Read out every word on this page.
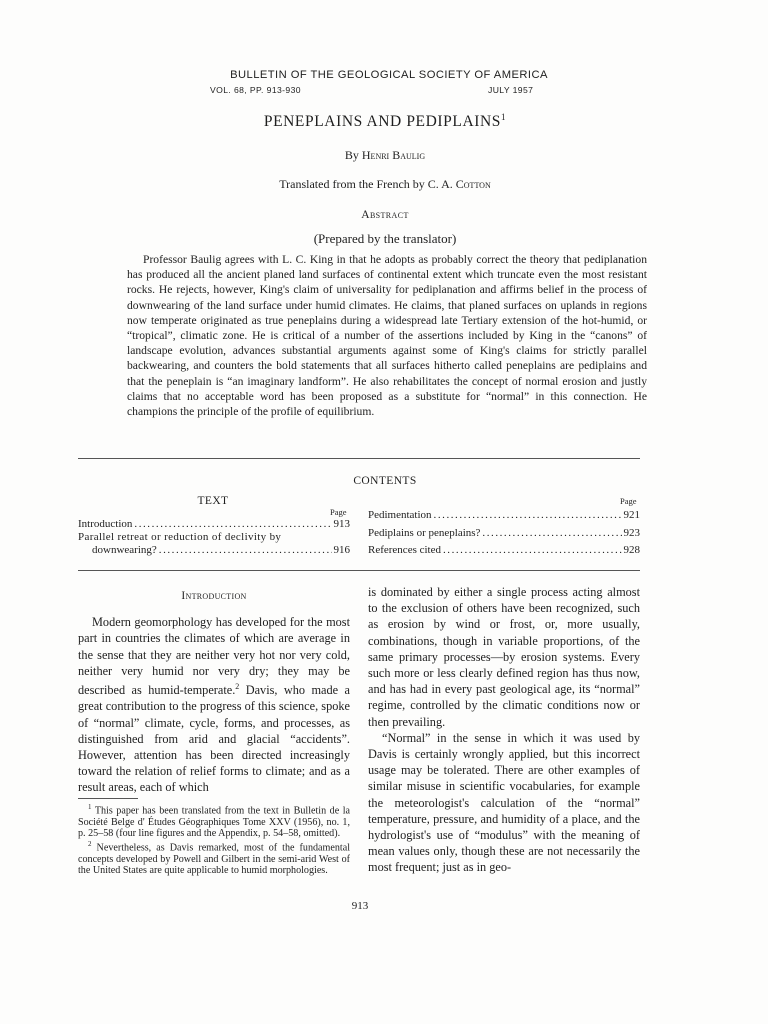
BULLETIN OF THE GEOLOGICAL SOCIETY OF AMERICA
VOL. 68, PP. 913-930	JULY 1957
PENEPLAINS AND PEDIPLAINS$^1$
By Henri Baulig
Translated from the French by C. A. Cotton
Abstract
(Prepared by the translator)

Professor Baulig agrees with L. C. King in that he adopts as probably correct the theory that pediplanation has produced all the ancient planed land surfaces of continental extent which truncate even the most resistant rocks. He rejects, however, King's claim of universality for pediplanation and affirms belief in the process of downwearing of the land surface under humid climates. He claims, that planed surfaces on uplands in regions now temperate originated as true peneplains during a widespread late Tertiary extension of the hot-humid, or “tropical”, climatic zone. He is critical of a number of the assertions included by King in the “canons” of landscape evolution, advances substantial arguments against some of King's claims for strictly parallel backwearing, and counters the bold statements that all surfaces hitherto called peneplains are pediplains and that the peneplain is “an imaginary landform”. He also rehabilitates the concept of normal erosion and justly claims that no acceptable word has been proposed as a substitute for “normal” in this connection. He champions the principle of the profile of equilibrium.

CONTENTS
TEXT
Page
Page
Introduction . . .	913
Parallel retreat or reduction of declivity by
downwearing? . . .	916
Pedimentation . . .	921
Pediplains or peneplains? . . .	923
References cited . . .	928
Introduction

Modern geomorphology has developed for the most part in countries the climates of which are average in the sense that they are neither very hot nor very cold, neither very humid nor very dry; they may be described as humid-temperate.$^2$ Davis, who made a great contribution to the progress of this science, spoke of “normal” climate, cycle, forms, and processes, as distinguished from arid and glacial “accidents”. However, attention has been directed increasingly toward the relation of relief forms to climate; and as a result areas, each of which

is dominated by either a single process acting almost to the exclusion of others have been recognized, such as erosion by wind or frost, or, more usually, combinations, though in variable proportions, of the same primary processes—by erosion systems. Every such more or less clearly defined region has thus now, and has had in every past geological age, its “normal” regime, controlled by the climatic conditions now or then prevailing.

“Normal” in the sense in which it was used by Davis is certainly wrongly applied, but this incorrect usage may be tolerated. There are other examples of similar misuse in scientific vocabularies, for example the meteorologist's calculation of the “normal” temperature, pressure, and humidity of a place, and the hydrologist's use of “modulus” with the meaning of mean values only, though these are not necessarily the most frequent; just as in geo-

$^1$ This paper has been translated from the text in Bulletin de la Société Belge d' Études Géographiques Tome XXV (1956), no. 1, p. 25–58 (four line figures and the Appendix, p. 54–58, omitted).

$^2$ Nevertheless, as Davis remarked, most of the fundamental concepts developed by Powell and Gilbert in the semi-arid West of the United States are quite applicable to humid morphologies.

913
